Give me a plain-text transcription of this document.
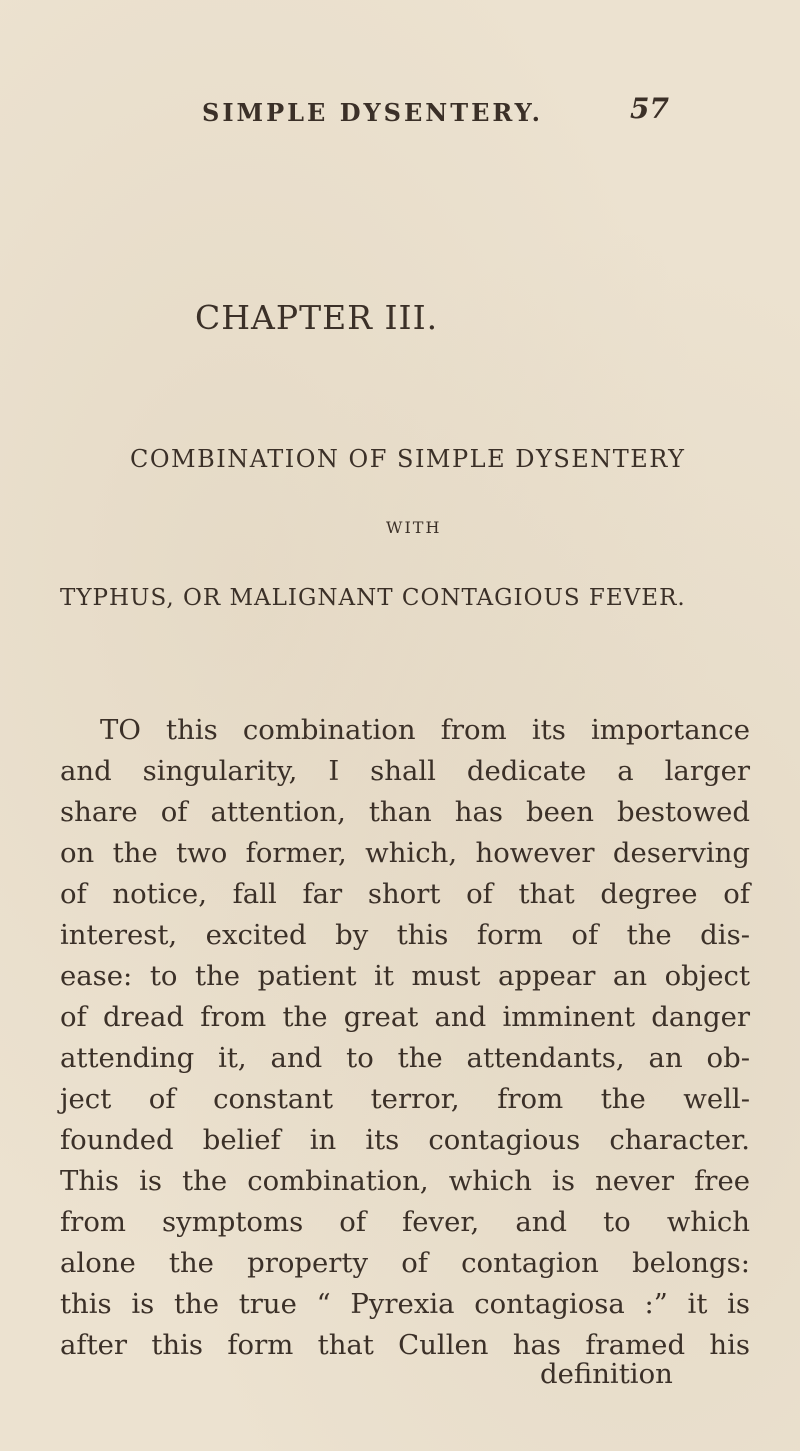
SIMPLE DYSENTERY.	57
CHAPTER III.
COMBINATION OF SIMPLE DYSENTERY
WITH
TYPHUS, OR MALIGNANT CONTAGIOUS FEVER.
TO this combination from its importance
and singularity, I shall dedicate a larger
share of attention, than has been bestowed
on the two former, which, however deserving
of notice, fall far short of that degree of
interest, excited by this form of the dis-
ease: to the patient it must appear an object
of dread from the great and imminent danger
attending it, and to the attendants, an ob-
ject of constant terror, from the well-
founded belief in its contagious character.
This is the combination, which is never free
from symptoms of fever, and to which
alone the property of contagion belongs:
this is the true “ Pyrexia contagiosa :” it is
after this form that Cullen has framed his
definition
